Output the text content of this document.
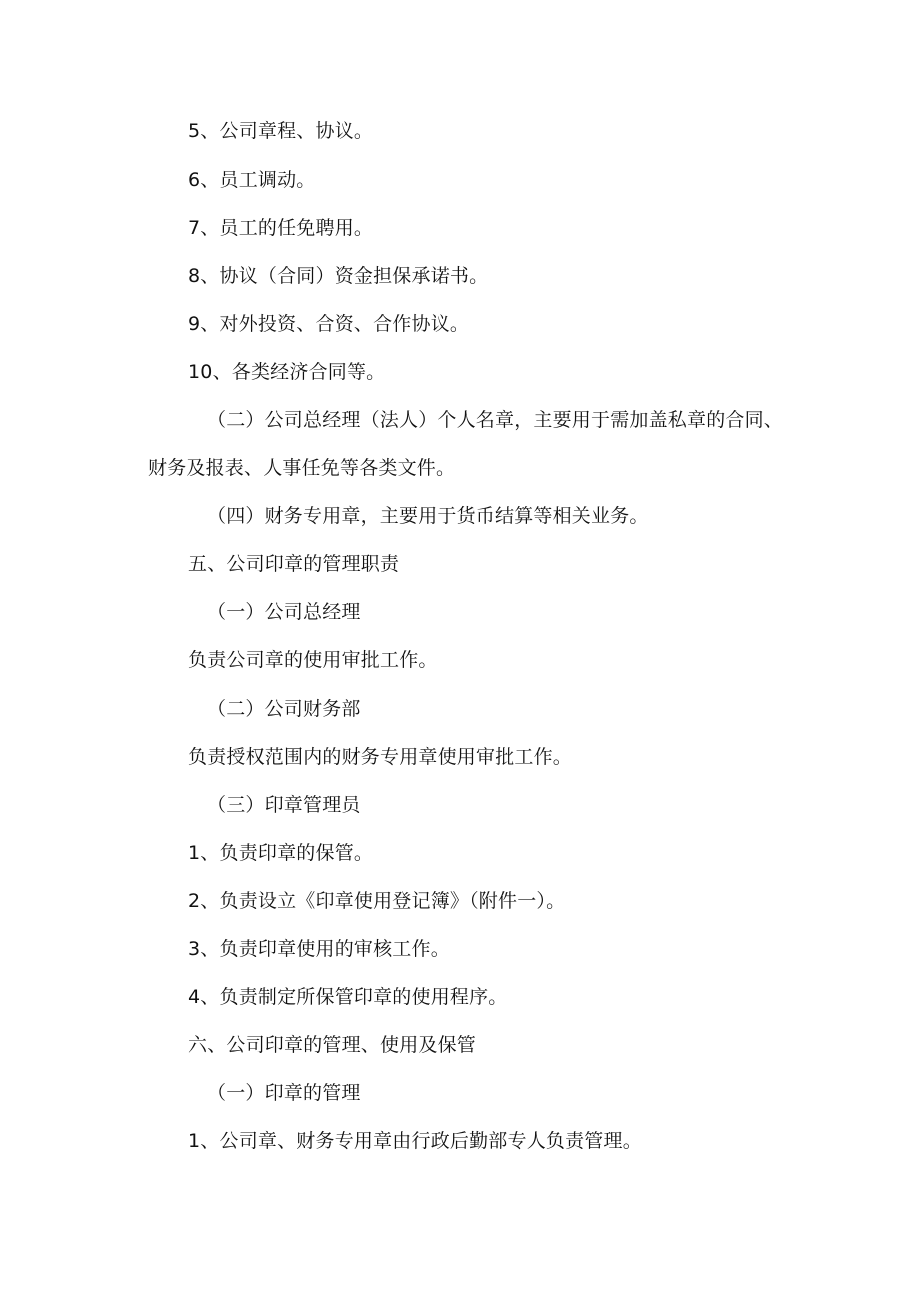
5、公司章程、协议。
6、员工调动。
7、员工的任免聘用。
8、协议（合同）资金担保承诺书。
9、对外投资、合资、合作协议。
10、各类经济合同等。
（二）公司总经理（法人）个人名章，主要用于需加盖私章的合同、
财务及报表、人事任免等各类文件。
（四）财务专用章，主要用于货币结算等相关业务。
五、公司印章的管理职责
（一）公司总经理
负责公司章的使用审批工作。
（二）公司财务部
负责授权范围内的财务专用章使用审批工作。
（三）印章管理员
1、负责印章的保管。
2、负责设立《印章使用登记簿》（附件一）。
3、负责印章使用的审核工作。
4、负责制定所保管印章的使用程序。
六、公司印章的管理、使用及保管
（一）印章的管理
1、公司章、财务专用章由行政后勤部专人负责管理。
